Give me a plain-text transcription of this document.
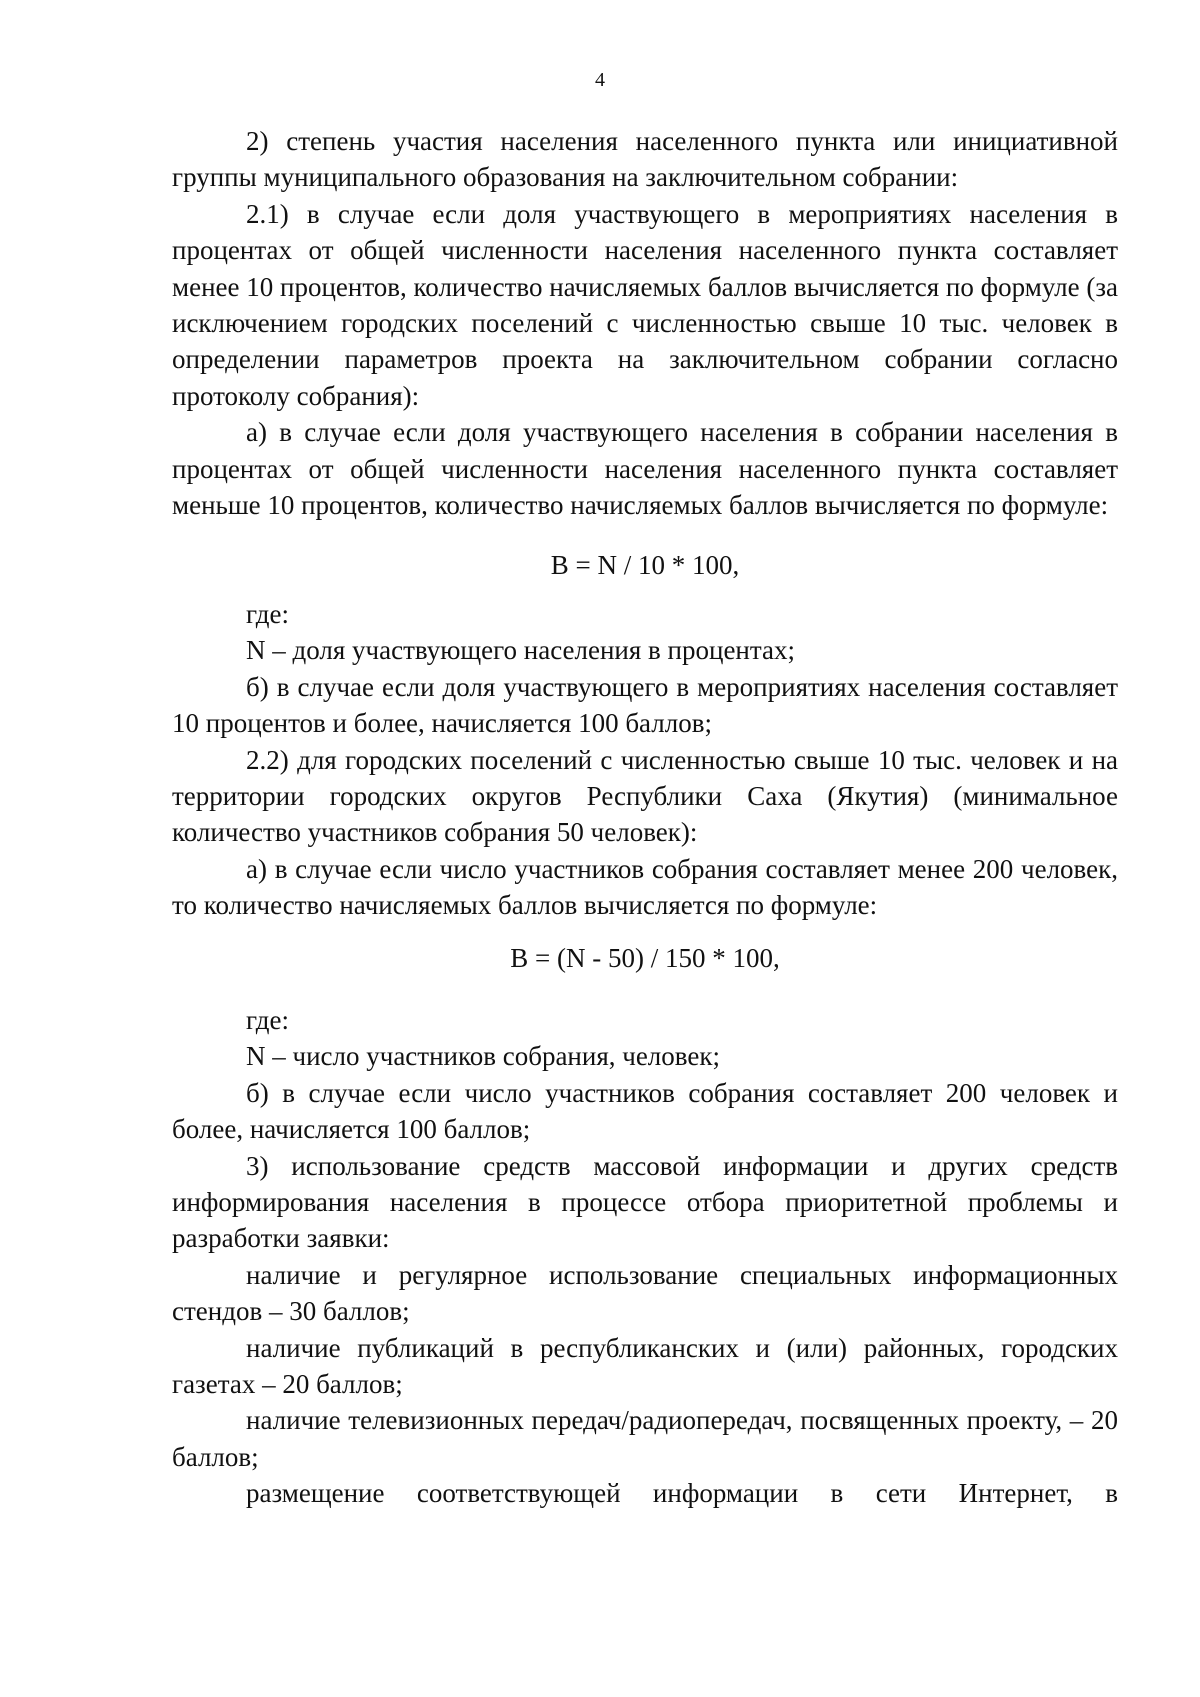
4

2) степень участия населения населенного пункта или инициативной группы муниципального образования на заключительном собрании:

2.1) в случае если доля участвующего в мероприятиях населения в процентах от общей численности населения населенного пункта составляет менее 10 процентов, количество начисляемых баллов вычисляется по формуле (за исключением городских поселений с численностью свыше 10 тыс. человек в определении параметров проекта на заключительном собрании согласно протоколу собрания):

а) в случае если доля участвующего населения в собрании населения в процентах от общей численности населения населенного пункта составляет меньше 10 процентов, количество начисляемых баллов вычисляется по формуле:

B = N / 10 * 100,

где:

N – доля участвующего населения в процентах;

б) в случае если доля участвующего в мероприятиях населения составляет 10 процентов и более, начисляется 100 баллов;

2.2) для городских поселений с численностью свыше 10 тыс. человек и на территории городских округов Республики Саха (Якутия) (минимальное количество участников собрания 50 человек):

а) в случае если число участников собрания составляет менее 200 человек, то количество начисляемых баллов вычисляется по формуле:

B = (N - 50) / 150 * 100,

где:

N – число участников собрания, человек;

б) в случае если число участников собрания составляет 200 человек и более, начисляется 100 баллов;

3) использование средств массовой информации и других средств информирования населения в процессе отбора приоритетной проблемы и разработки заявки:

наличие и регулярное использование специальных информационных стендов – 30 баллов;

наличие публикаций в республиканских и (или) районных, городских газетах – 20 баллов;

наличие телевизионных передач/радиопередач, посвященных проекту, – 20 баллов;

размещение соответствующей информации в сети Интернет, в
